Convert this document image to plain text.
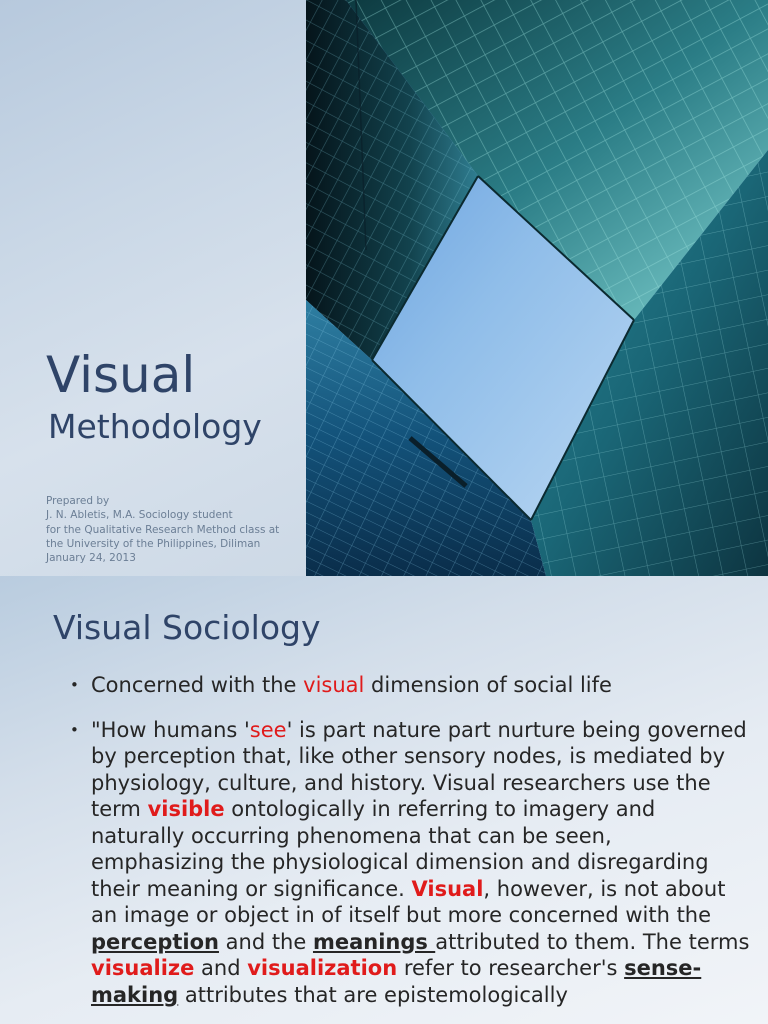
Visual
Methodology
Prepared by
J. N. Abletis, M.A. Sociology student
for the Qualitative Research Method class at
the University of the Philippines, Diliman
January 24, 2013
Visual Sociology
• Concerned with the visual dimension of social life
• "How humans 'see' is part nature part nurture being governed by perception that, like other sensory nodes, is mediated by physiology, culture, and history. Visual researchers use the term visible ontologically in referring to imagery and naturally occurring phenomena that can be seen, emphasizing the physiological dimension and disregarding their meaning or significance. Visual, however, is not about an image or object in of itself but more concerned with the perception and the meanings attributed to them. The terms visualize and visualization refer to researcher's sense-making attributes that are epistemologically
